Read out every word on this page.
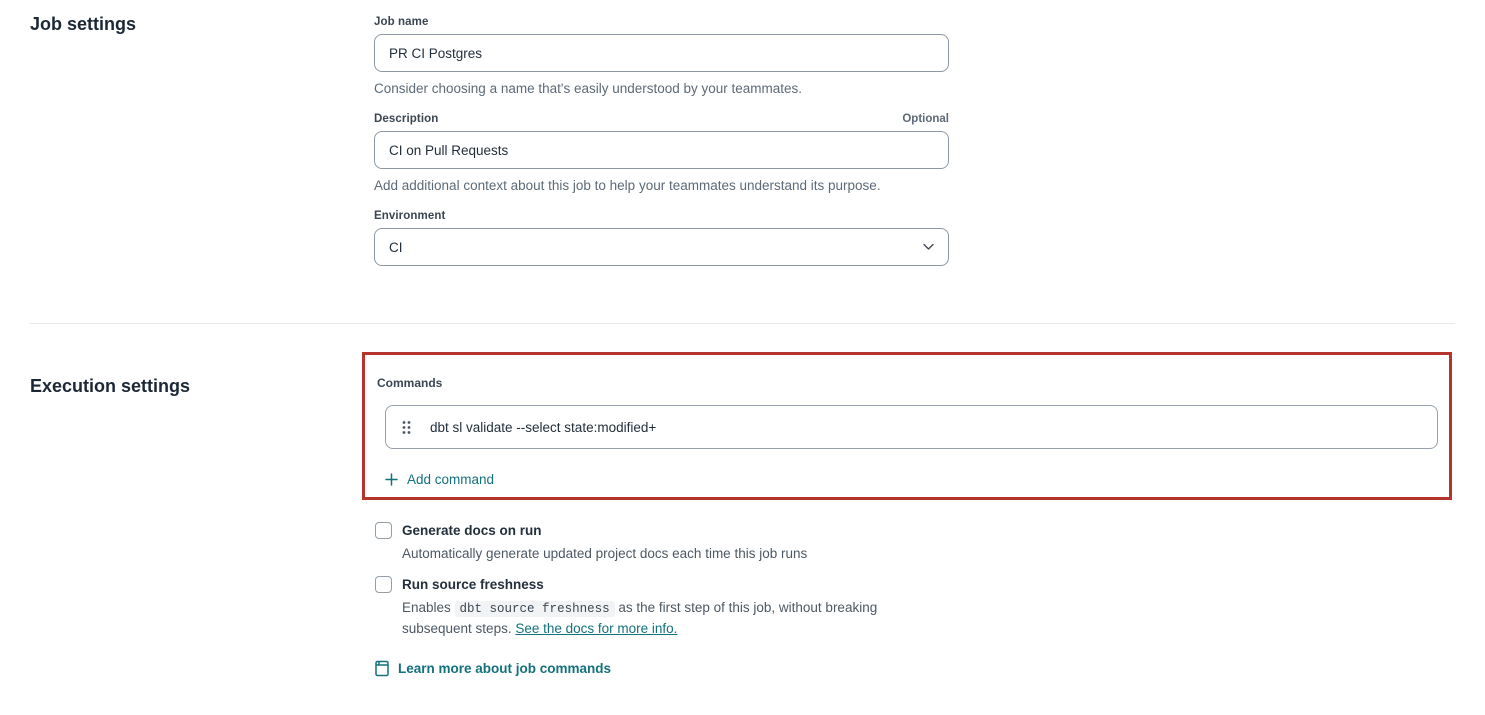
Job settings	Job name
PR CI Postgres
Consider choosing a name that's easily understood by your teammates.
Description	Optional
CI on Pull Requests
Add additional context about this job to help your teammates understand its purpose.
Environment
CI
Execution settings	Commands
dbt sl validate --select state:modified+
Add command
Generate docs on run
Automatically generate updated project docs each time this job runs
Run source freshness
Enables dbt source freshness as the first step of this job, without breaking subsequent steps. See the docs for more info.
Learn more about job commands
